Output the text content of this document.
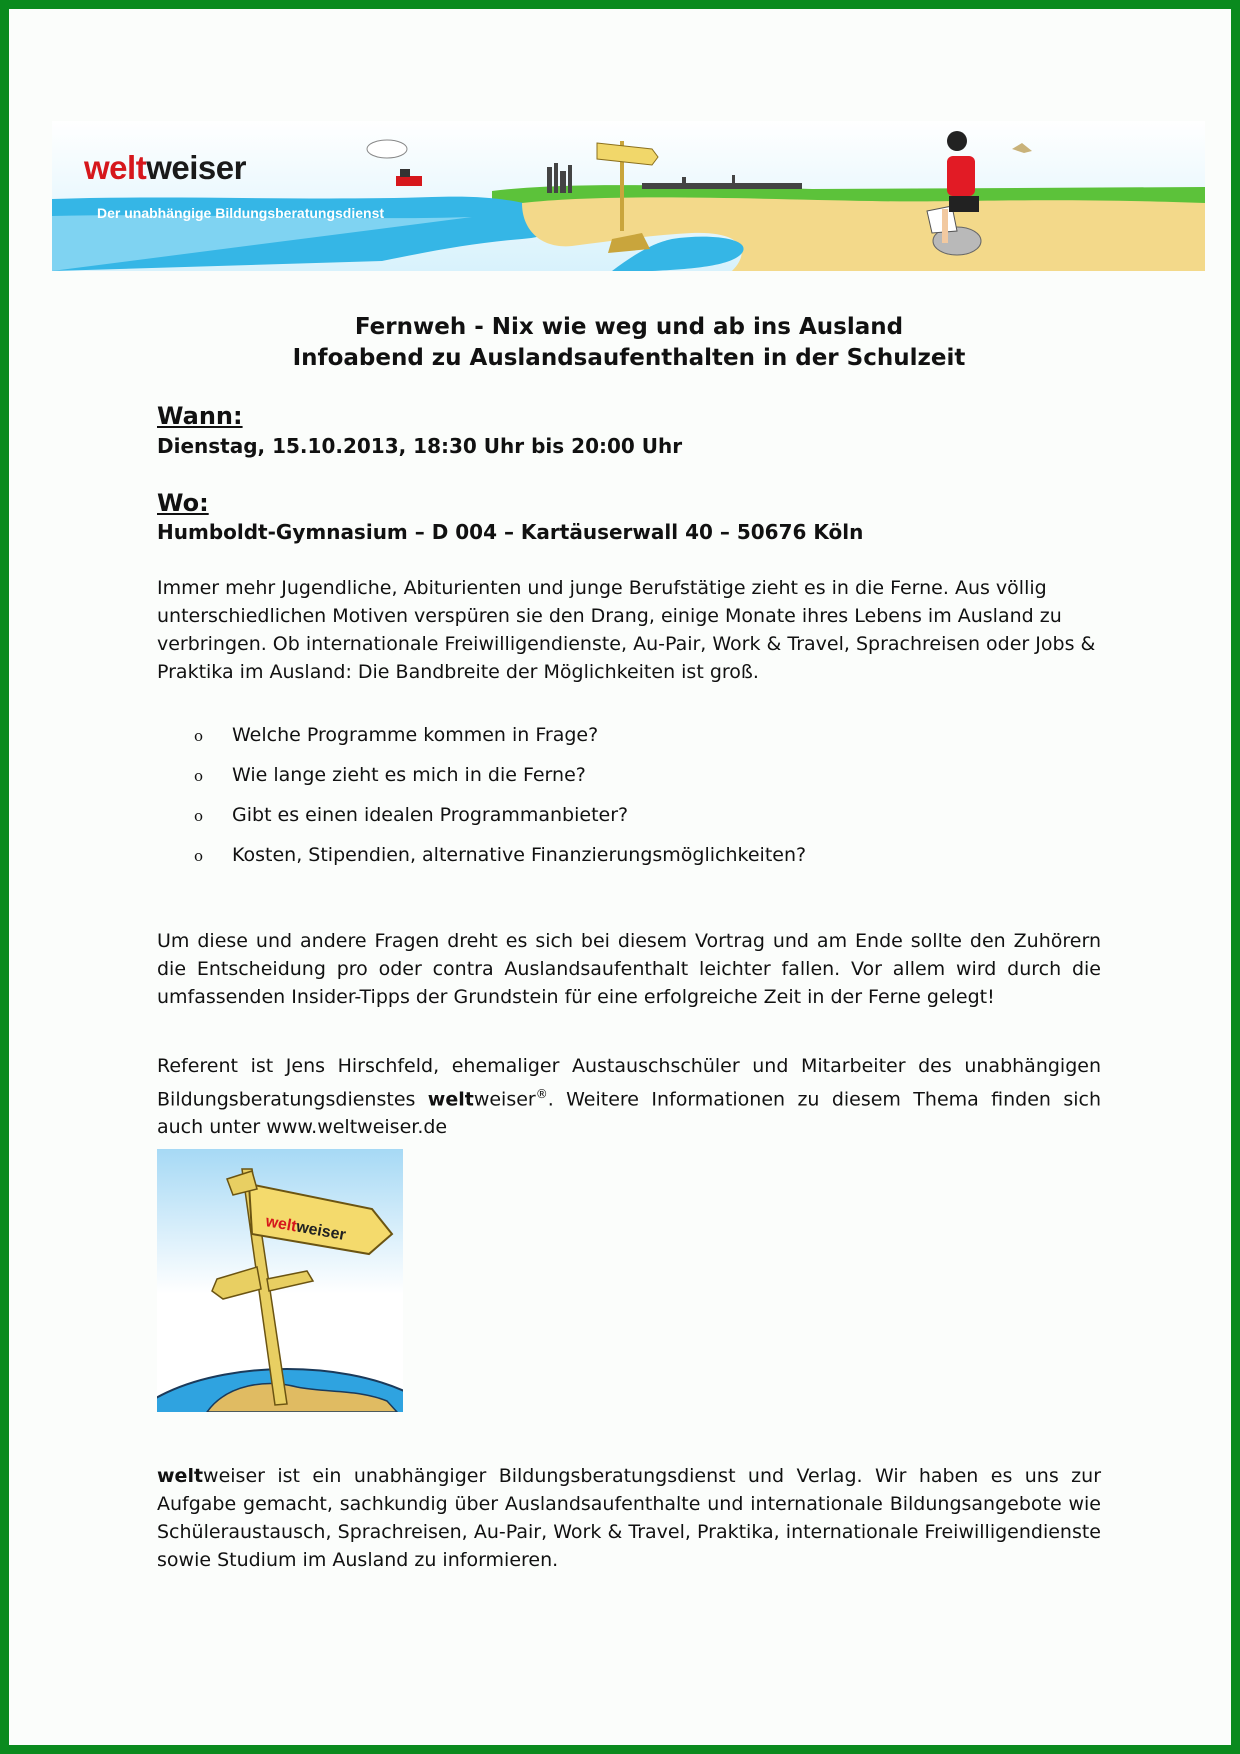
weltweiser
Der unabhängige Bildungsberatungsdienst
Fernweh - Nix wie weg und ab ins Ausland
Infoabend zu Auslandsaufenthalten in der Schulzeit
Wann:
Dienstag, 15.10.2013, 18:30 Uhr bis 20:00 Uhr
Wo:
Humboldt-Gymnasium – D 004 – Kartäuserwall 40 – 50676 Köln

Immer mehr Jugendliche, Abiturienten und junge Berufstätige zieht es in die Ferne. Aus völlig unterschiedlichen Motiven verspüren sie den Drang, einige Monate ihres Lebens im Ausland zu verbringen. Ob internationale Freiwilligendienste, Au-Pair, Work & Travel, Sprachreisen oder Jobs & Praktika im Ausland: Die Bandbreite der Möglichkeiten ist groß.

o	Welche Programme kommen in Frage?
o	Wie lange zieht es mich in die Ferne?
o	Gibt es einen idealen Programmanbieter?
o	Kosten, Stipendien, alternative Finanzierungsmöglichkeiten?

Um diese und andere Fragen dreht es sich bei diesem Vortrag und am Ende sollte den Zuhörern die Entscheidung pro oder contra Auslandsaufenthalt leichter fallen. Vor allem wird durch die umfassenden Insider-Tipps der Grundstein für eine erfolgreiche Zeit in der Ferne gelegt!

Referent ist Jens Hirschfeld, ehemaliger Austauschschüler und Mitarbeiter des unabhängigen Bildungsberatungsdienstes weltweiser®. Weitere Informationen zu diesem Thema finden sich auch unter www.weltweiser.de

weltweiser

weltweiser ist ein unabhängiger Bildungsberatungsdienst und Verlag. Wir haben es uns zur Aufgabe gemacht, sachkundig über Auslandsaufenthalte und internationale Bildungsangebote wie Schüleraustausch, Sprachreisen, Au-Pair, Work & Travel, Praktika, internationale Freiwilligendienste sowie Studium im Ausland zu informieren.
